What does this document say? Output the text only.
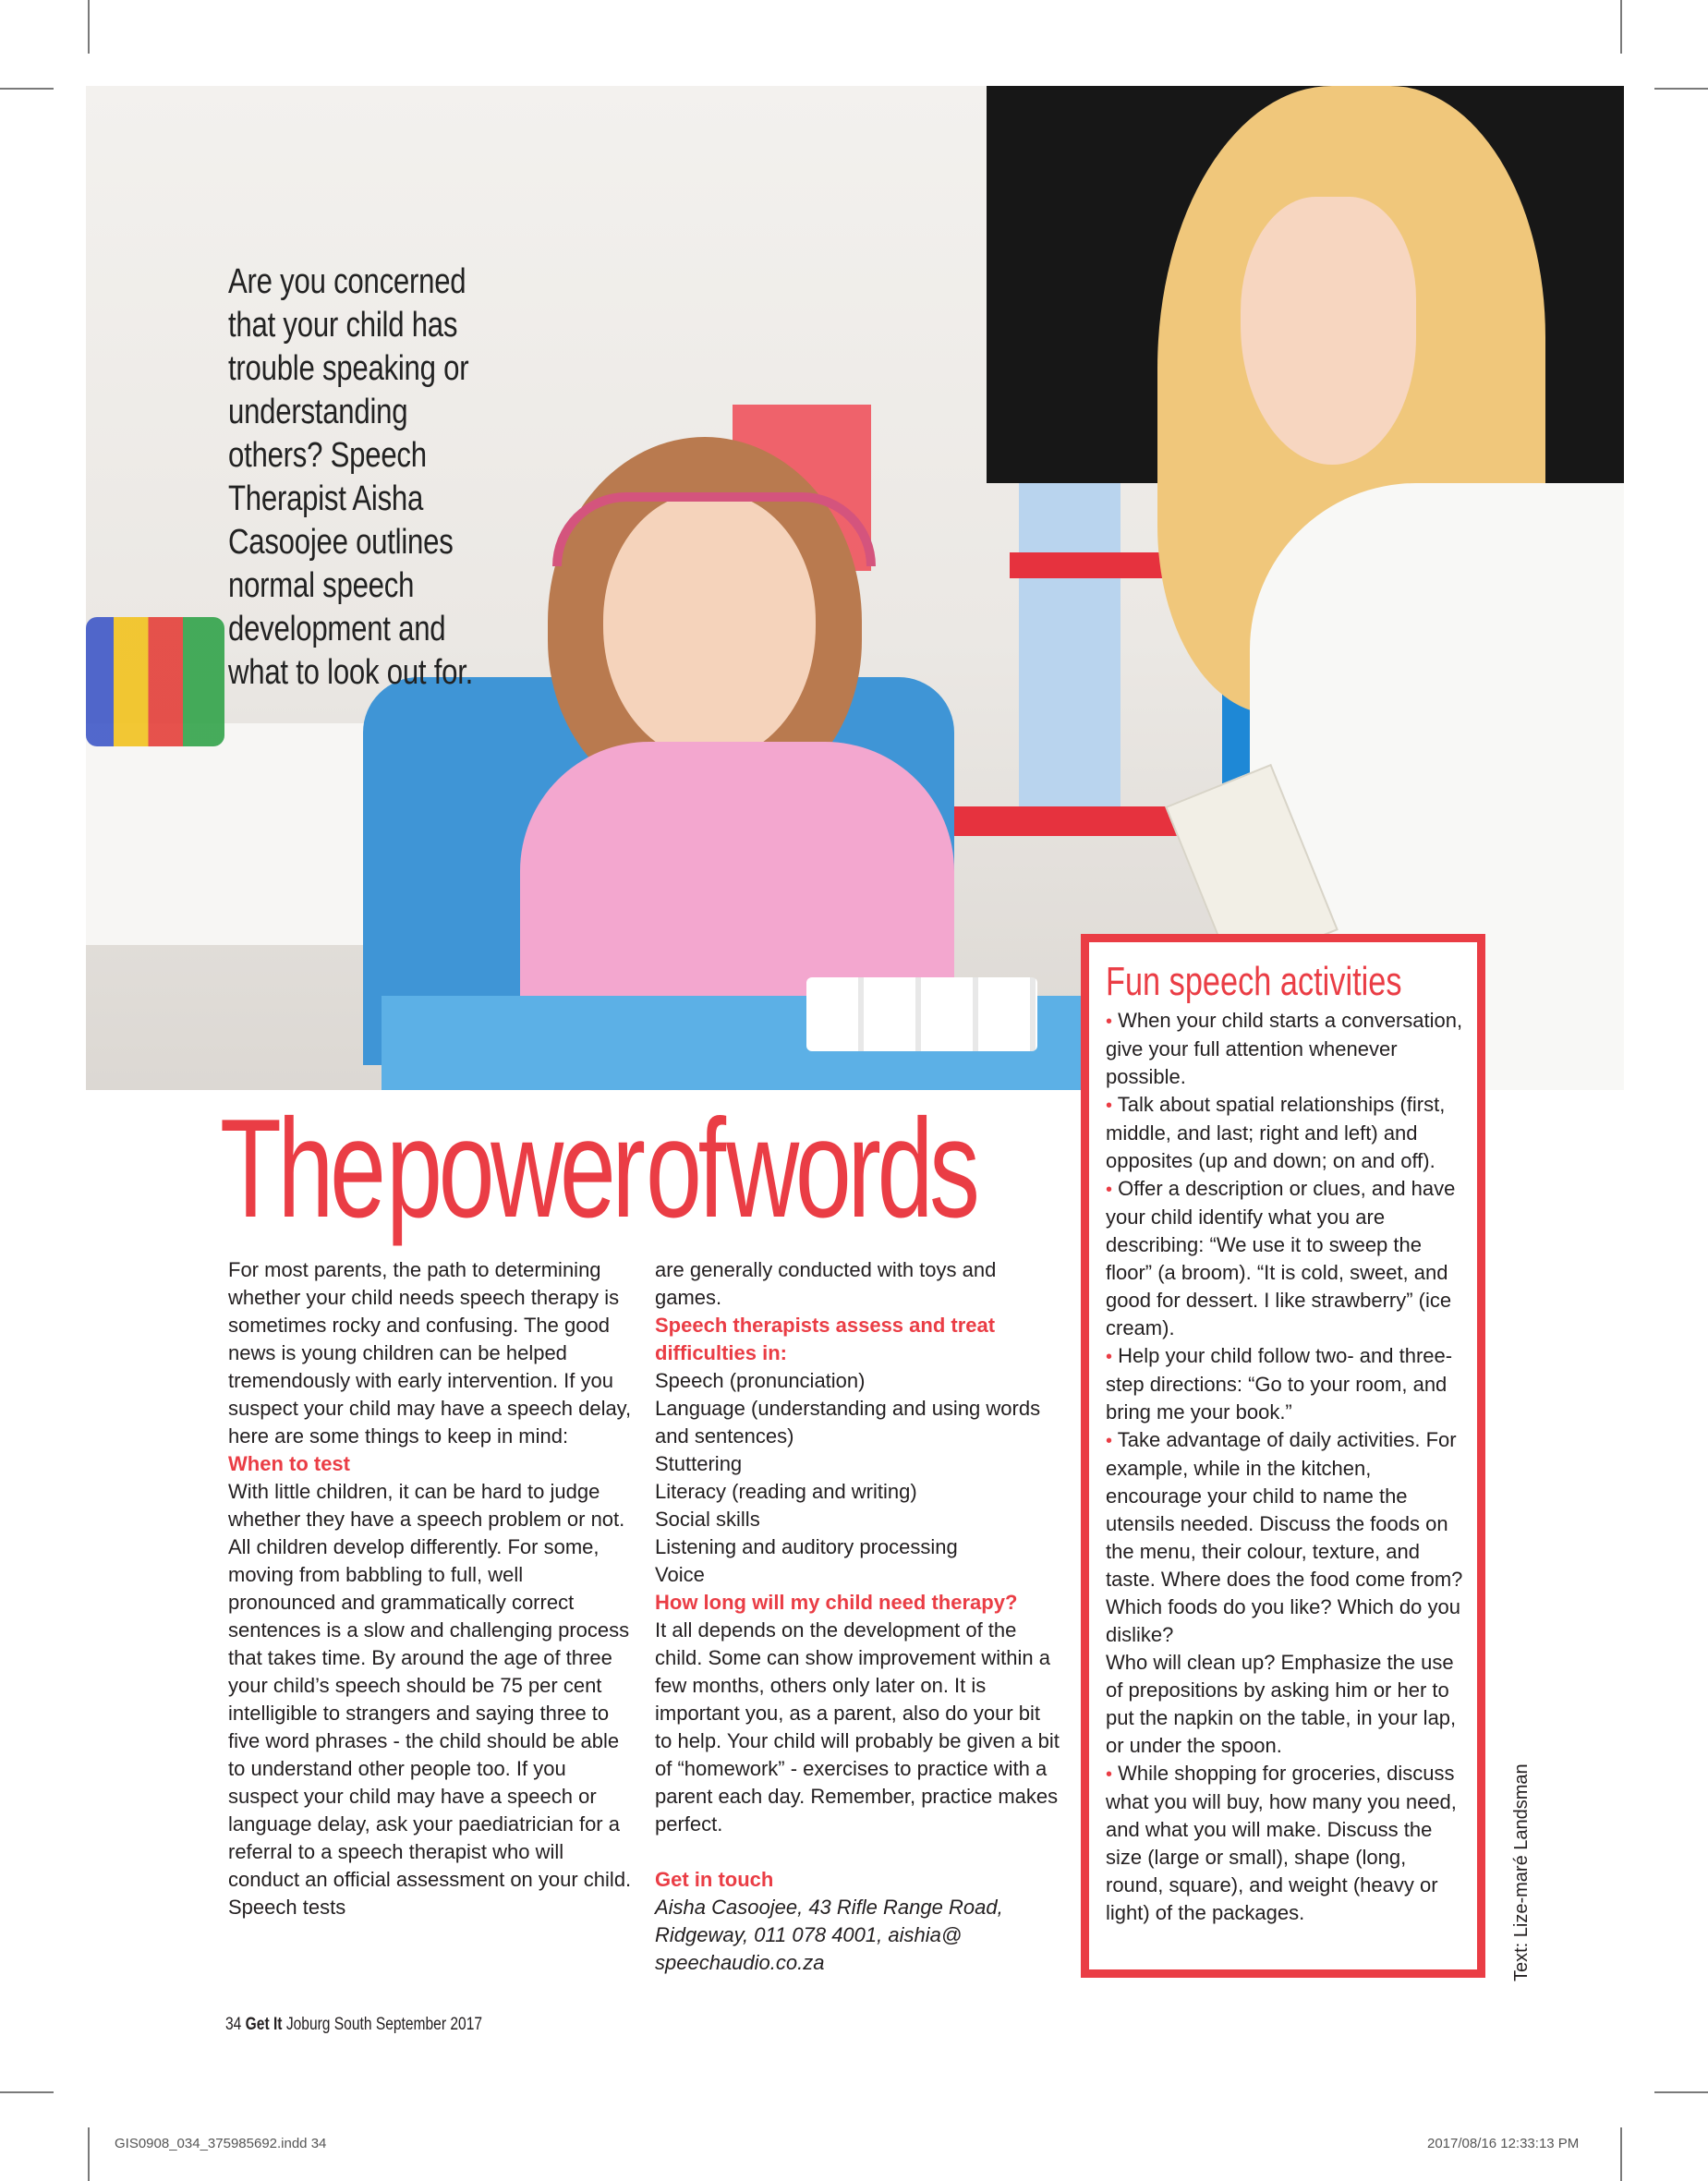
Are you concerned that your child has trouble speaking or understanding others? Speech Therapist Aisha Casoojee outlines normal speech development and what to look out for.

The power of words

For most parents, the path to determining whether your child needs speech therapy is sometimes rocky and confusing. The good news is young children can be helped tremendously with early intervention. If you suspect your child may have a speech delay, here are some things to keep in mind:

When to test

With little children, it can be hard to judge whether they have a speech problem or not. All children develop differently. For some, moving from babbling to full, well pronounced and grammatically correct sentences is a slow and challenging process that takes time. By around the age of three your child’s speech should be 75 per cent intelligible to strangers and saying three to five word phrases - the child should be able to understand other people too. If you suspect your child may have a speech or language delay, ask your paediatrician for a referral to a speech therapist who will conduct an official assessment on your child. Speech tests

are generally conducted with toys and games.

Speech therapists assess and treat difficulties in:

Speech (pronunciation)
Language (understanding and using words and sentences)
Stuttering
Literacy (reading and writing)
Social skills
Listening and auditory processing
Voice

How long will my child need therapy?

It all depends on the development of the child. Some can show improvement within a few months, others only later on. It is important you, as a parent, also do your bit to help. Your child will probably be given a bit of “homework” - exercises to practice with a parent each day. Remember, practice makes perfect.

Get in touch

Aisha Casoojee, 43 Rifle Range Road, Ridgeway, 011 078 4001, aishia@ speechaudio.co.za

Fun speech activities
• When your child starts a conversation, give your full attention whenever possible.
• Talk about spatial relationships (first, middle, and last; right and left) and opposites (up and down; on and off).
• Offer a description or clues, and have your child identify what you are describing: “We use it to sweep the floor” (a broom). “It is cold, sweet, and good for dessert. I like strawberry” (ice cream).
• Help your child follow two- and three-step directions: “Go to your room, and bring me your book.”
• Take advantage of daily activities. For example, while in the kitchen, encourage your child to name the utensils needed. Discuss the foods on the menu, their colour, texture, and taste. Where does the food come from? Which foods do you like? Which do you dislike?
Who will clean up? Emphasize the use of prepositions by asking him or her to put the napkin on the table, in your lap, or under the spoon.
• While shopping for groceries, discuss what you will buy, how many you need, and what you will make. Discuss the size (large or small), shape (long, round, square), and weight (heavy or light) of the packages.	Text: Lize-maré Landsman
34 Get It Joburg South September 2017
GIS0908_034_375985692.indd 34	2017/08/16 12:33:13 PM
